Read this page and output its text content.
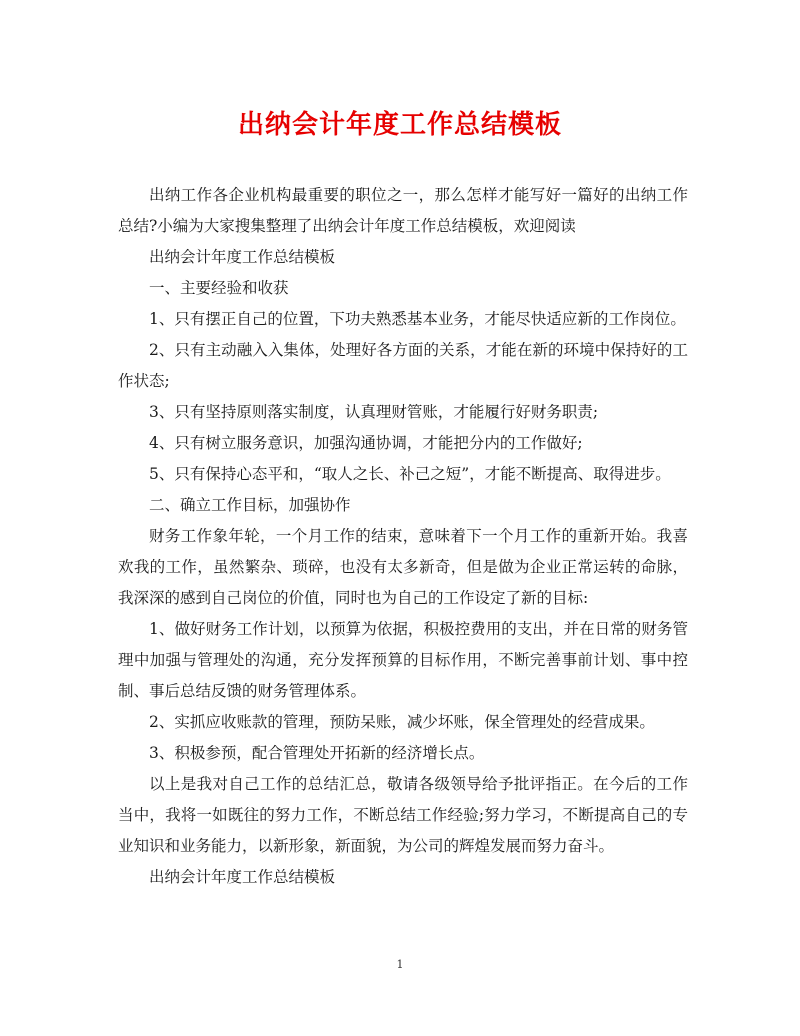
出纳会计年度工作总结模板

出纳工作各企业机构最重要的职位之一，那么怎样才能写好一篇好的出纳工作总结?小编为大家搜集整理了出纳会计年度工作总结模板，欢迎阅读

出纳会计年度工作总结模板

一、主要经验和收获

1、只有摆正自己的位置，下功夫熟悉基本业务，才能尽快适应新的工作岗位。

2、只有主动融入入集体，处理好各方面的关系，才能在新的环境中保持好的工作状态;

3、只有坚持原则落实制度，认真理财管账，才能履行好财务职责;

4、只有树立服务意识，加强沟通协调，才能把分内的工作做好;

5、只有保持心态平和，“取人之长、补己之短”，才能不断提高、取得进步。

二、确立工作目标，加强协作

财务工作象年轮，一个月工作的结束，意味着下一个月工作的重新开始。我喜欢我的工作，虽然繁杂、琐碎，也没有太多新奇，但是做为企业正常运转的命脉，我深深的感到自己岗位的价值，同时也为自己的工作设定了新的目标:

1、做好财务工作计划，以预算为依据，积极控费用的支出，并在日常的财务管理中加强与管理处的沟通，充分发挥预算的目标作用，不断完善事前计划、事中控制、事后总结反馈的财务管理体系。

2、实抓应收账款的管理，预防呆账，减少坏账，保全管理处的经营成果。

3、积极参预，配合管理处开拓新的经济增长点。

以上是我对自己工作的总结汇总，敬请各级领导给予批评指正。在今后的工作当中，我将一如既往的努力工作，不断总结工作经验;努力学习，不断提高自己的专业知识和业务能力，以新形象，新面貌，为公司的辉煌发展而努力奋斗。

出纳会计年度工作总结模板

1
